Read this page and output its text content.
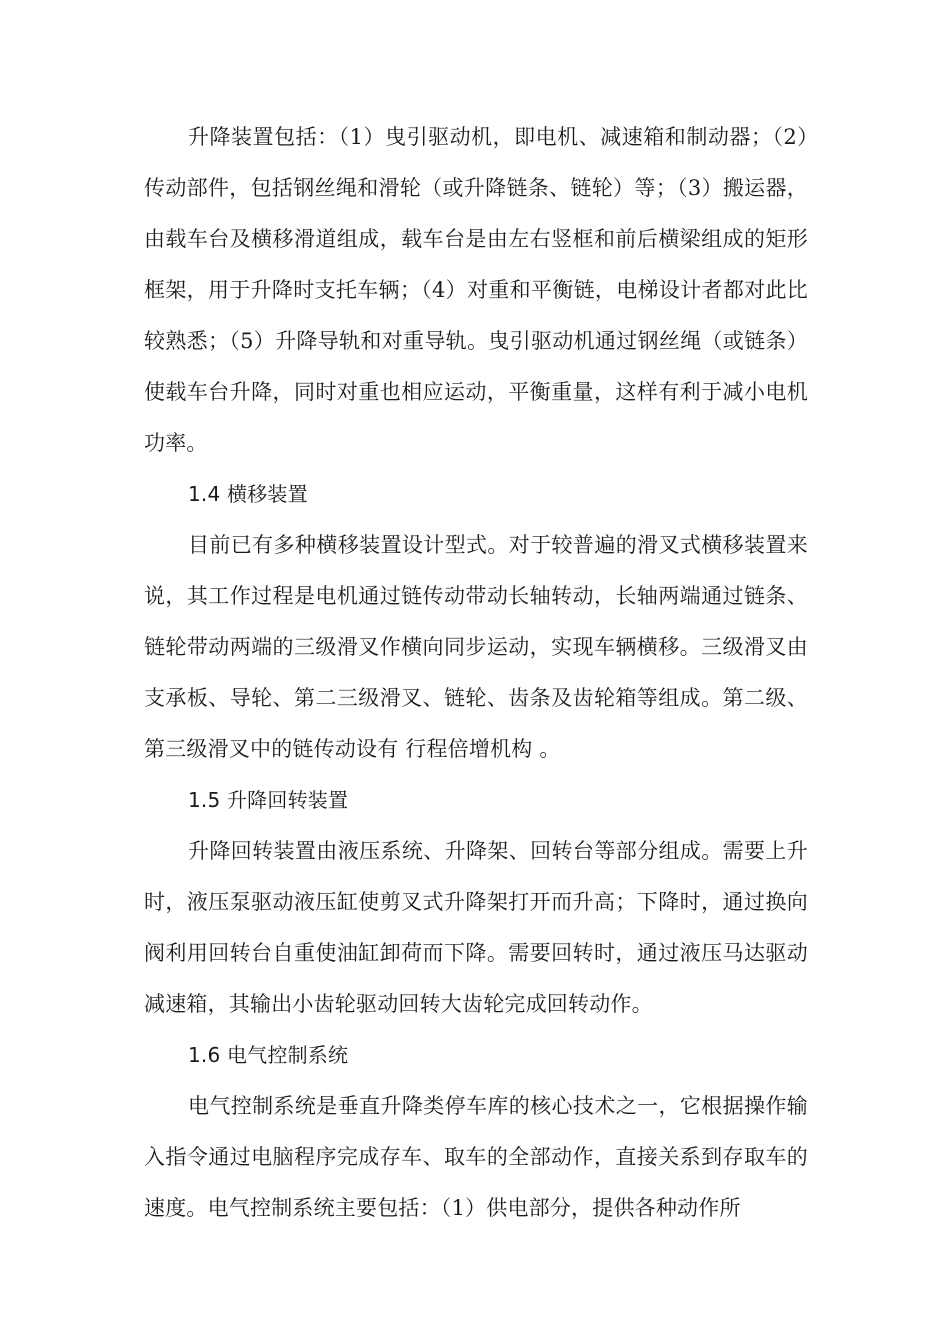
升降装置包括：（1）曳引驱动机，即电机、减速箱和制动器；（2）传动部件，包括钢丝绳和滑轮（或升降链条、链轮）等；（3）搬运器，由载车台及横移滑道组成，载车台是由左右竖框和前后横梁组成的矩形框架，用于升降时支托车辆；（4）对重和平衡链，电梯设计者都对此比较熟悉；（5）升降导轨和对重导轨。曳引驱动机通过钢丝绳（或链条）使载车台升降，同时对重也相应运动，平衡重量，这样有利于减小电机功率。

1.4 横移装置

目前已有多种横移装置设计型式。对于较普遍的滑叉式横移装置来说，其工作过程是电机通过链传动带动长轴转动，长轴两端通过链条、链轮带动两端的三级滑叉作横向同步运动，实现车辆横移。三级滑叉由支承板、导轮、第二三级滑叉、链轮、齿条及齿轮箱等组成。第二级、第三级滑叉中的链传动设有 行程倍增机构 。

1.5 升降回转装置

升降回转装置由液压系统、升降架、回转台等部分组成。需要上升时，液压泵驱动液压缸使剪叉式升降架打开而升高；下降时，通过换向阀利用回转台自重使油缸卸荷而下降。需要回转时，通过液压马达驱动减速箱，其输出小齿轮驱动回转大齿轮完成回转动作。

1.6 电气控制系统

电气控制系统是垂直升降类停车库的核心技术之一，它根据操作输入指令通过电脑程序完成存车、取车的全部动作，直接关系到存取车的速度。电气控制系统主要包括：（1）供电部分，提供各种动作所
